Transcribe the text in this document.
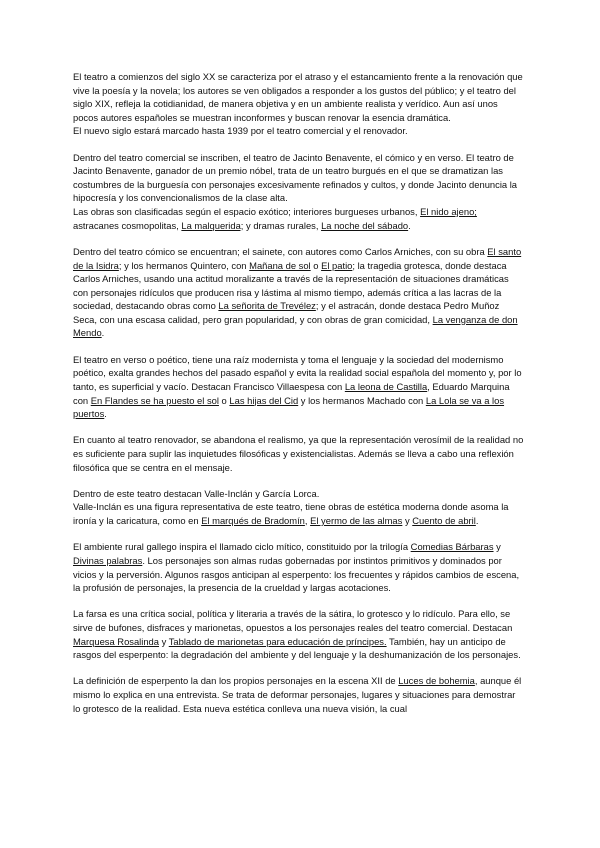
El teatro a comienzos del siglo XX se caracteriza por el atraso y el estancamiento frente a la renovación que vive la poesía y la novela; los autores se ven obligados a responder a los gustos del público; y el teatro del siglo XIX, refleja la cotidianidad, de manera objetiva y en un ambiente realista y verídico. Aun así unos pocos autores españoles se muestran inconformes y buscan renovar la esencia dramática.

El nuevo siglo estará marcado hasta 1939 por el teatro comercial y el renovador.

Dentro del teatro comercial se inscriben, el teatro de Jacinto Benavente, el cómico y en verso. El teatro de Jacinto Benavente, ganador de un premio nóbel, trata de un teatro burgués en el que se dramatizan las costumbres de la burguesía con personajes excesivamente refinados y cultos, y donde Jacinto denuncia la hipocresía y los convencionalismos de la clase alta.

Las obras son clasificadas según el espacio exótico; interiores burgueses urbanos, El nido ajeno; astracanes cosmopolitas, La malquerida; y dramas rurales, La noche del sábado.

Dentro del teatro cómico se encuentran; el sainete, con autores como Carlos Arniches, con su obra El santo de la Isidra; y los hermanos Quintero, con Mañana de sol o El patio; la tragedia grotesca, donde destaca Carlos Arniches, usando una actitud moralizante a través de la representación de situaciones dramáticas con personajes ridículos que producen risa y lástima al mismo tiempo, además crítica a las lacras de la sociedad, destacando obras como La señorita de Trevélez; y el astracán, donde destaca Pedro Muñoz Seca, con una escasa calidad, pero gran popularidad, y con obras de gran comicidad, La venganza de don Mendo.

El teatro en verso o poético, tiene una raíz modernista y toma el lenguaje y la sociedad del modernismo poético, exalta grandes hechos del pasado español y evita la realidad social española del momento y, por lo tanto, es superficial y vacío. Destacan Francisco Villaespesa con La leona de Castilla, Eduardo Marquina con En Flandes se ha puesto el sol o Las hijas del Cid y los hermanos Machado con La Lola se va a los puertos.

En cuanto al teatro renovador, se abandona el realismo, ya que la representación verosímil de la realidad no es suficiente para suplir las inquietudes filosóficas y existencialistas. Además se lleva a cabo una reflexión filosófica que se centra en el mensaje.

Dentro de este teatro destacan Valle-Inclán y García Lorca.

Valle-Inclán es una figura representativa de este teatro, tiene obras de estética moderna donde asoma la ironía y la caricatura, como en El marqués de Bradomín, El yermo de las almas y Cuento de abril.

El ambiente rural gallego inspira el llamado ciclo mítico, constituido por la trilogía Comedias Bárbaras y Divinas palabras. Los personajes son almas rudas gobernadas por instintos primitivos y dominados por vicios y la perversión. Algunos rasgos anticipan al esperpento: los frecuentes y rápidos cambios de escena, la profusión de personajes, la presencia de la crueldad y largas acotaciones.

La farsa es una crítica social, política y literaria a través de la sátira, lo grotesco y lo ridículo. Para ello, se sirve de bufones, disfraces y marionetas, opuestos a los personajes reales del teatro comercial. Destacan Marquesa Rosalinda y Tablado de marionetas para educación de príncipes. También, hay un anticipo de rasgos del esperpento: la degradación del ambiente y del lenguaje y la deshumanización de los personajes.

La definición de esperpento la dan los propios personajes en la escena XII de Luces de bohemia, aunque él mismo lo explica en una entrevista. Se trata de deformar personajes, lugares y situaciones para demostrar lo grotesco de la realidad. Esta nueva estética conlleva una nueva visión, la cual
